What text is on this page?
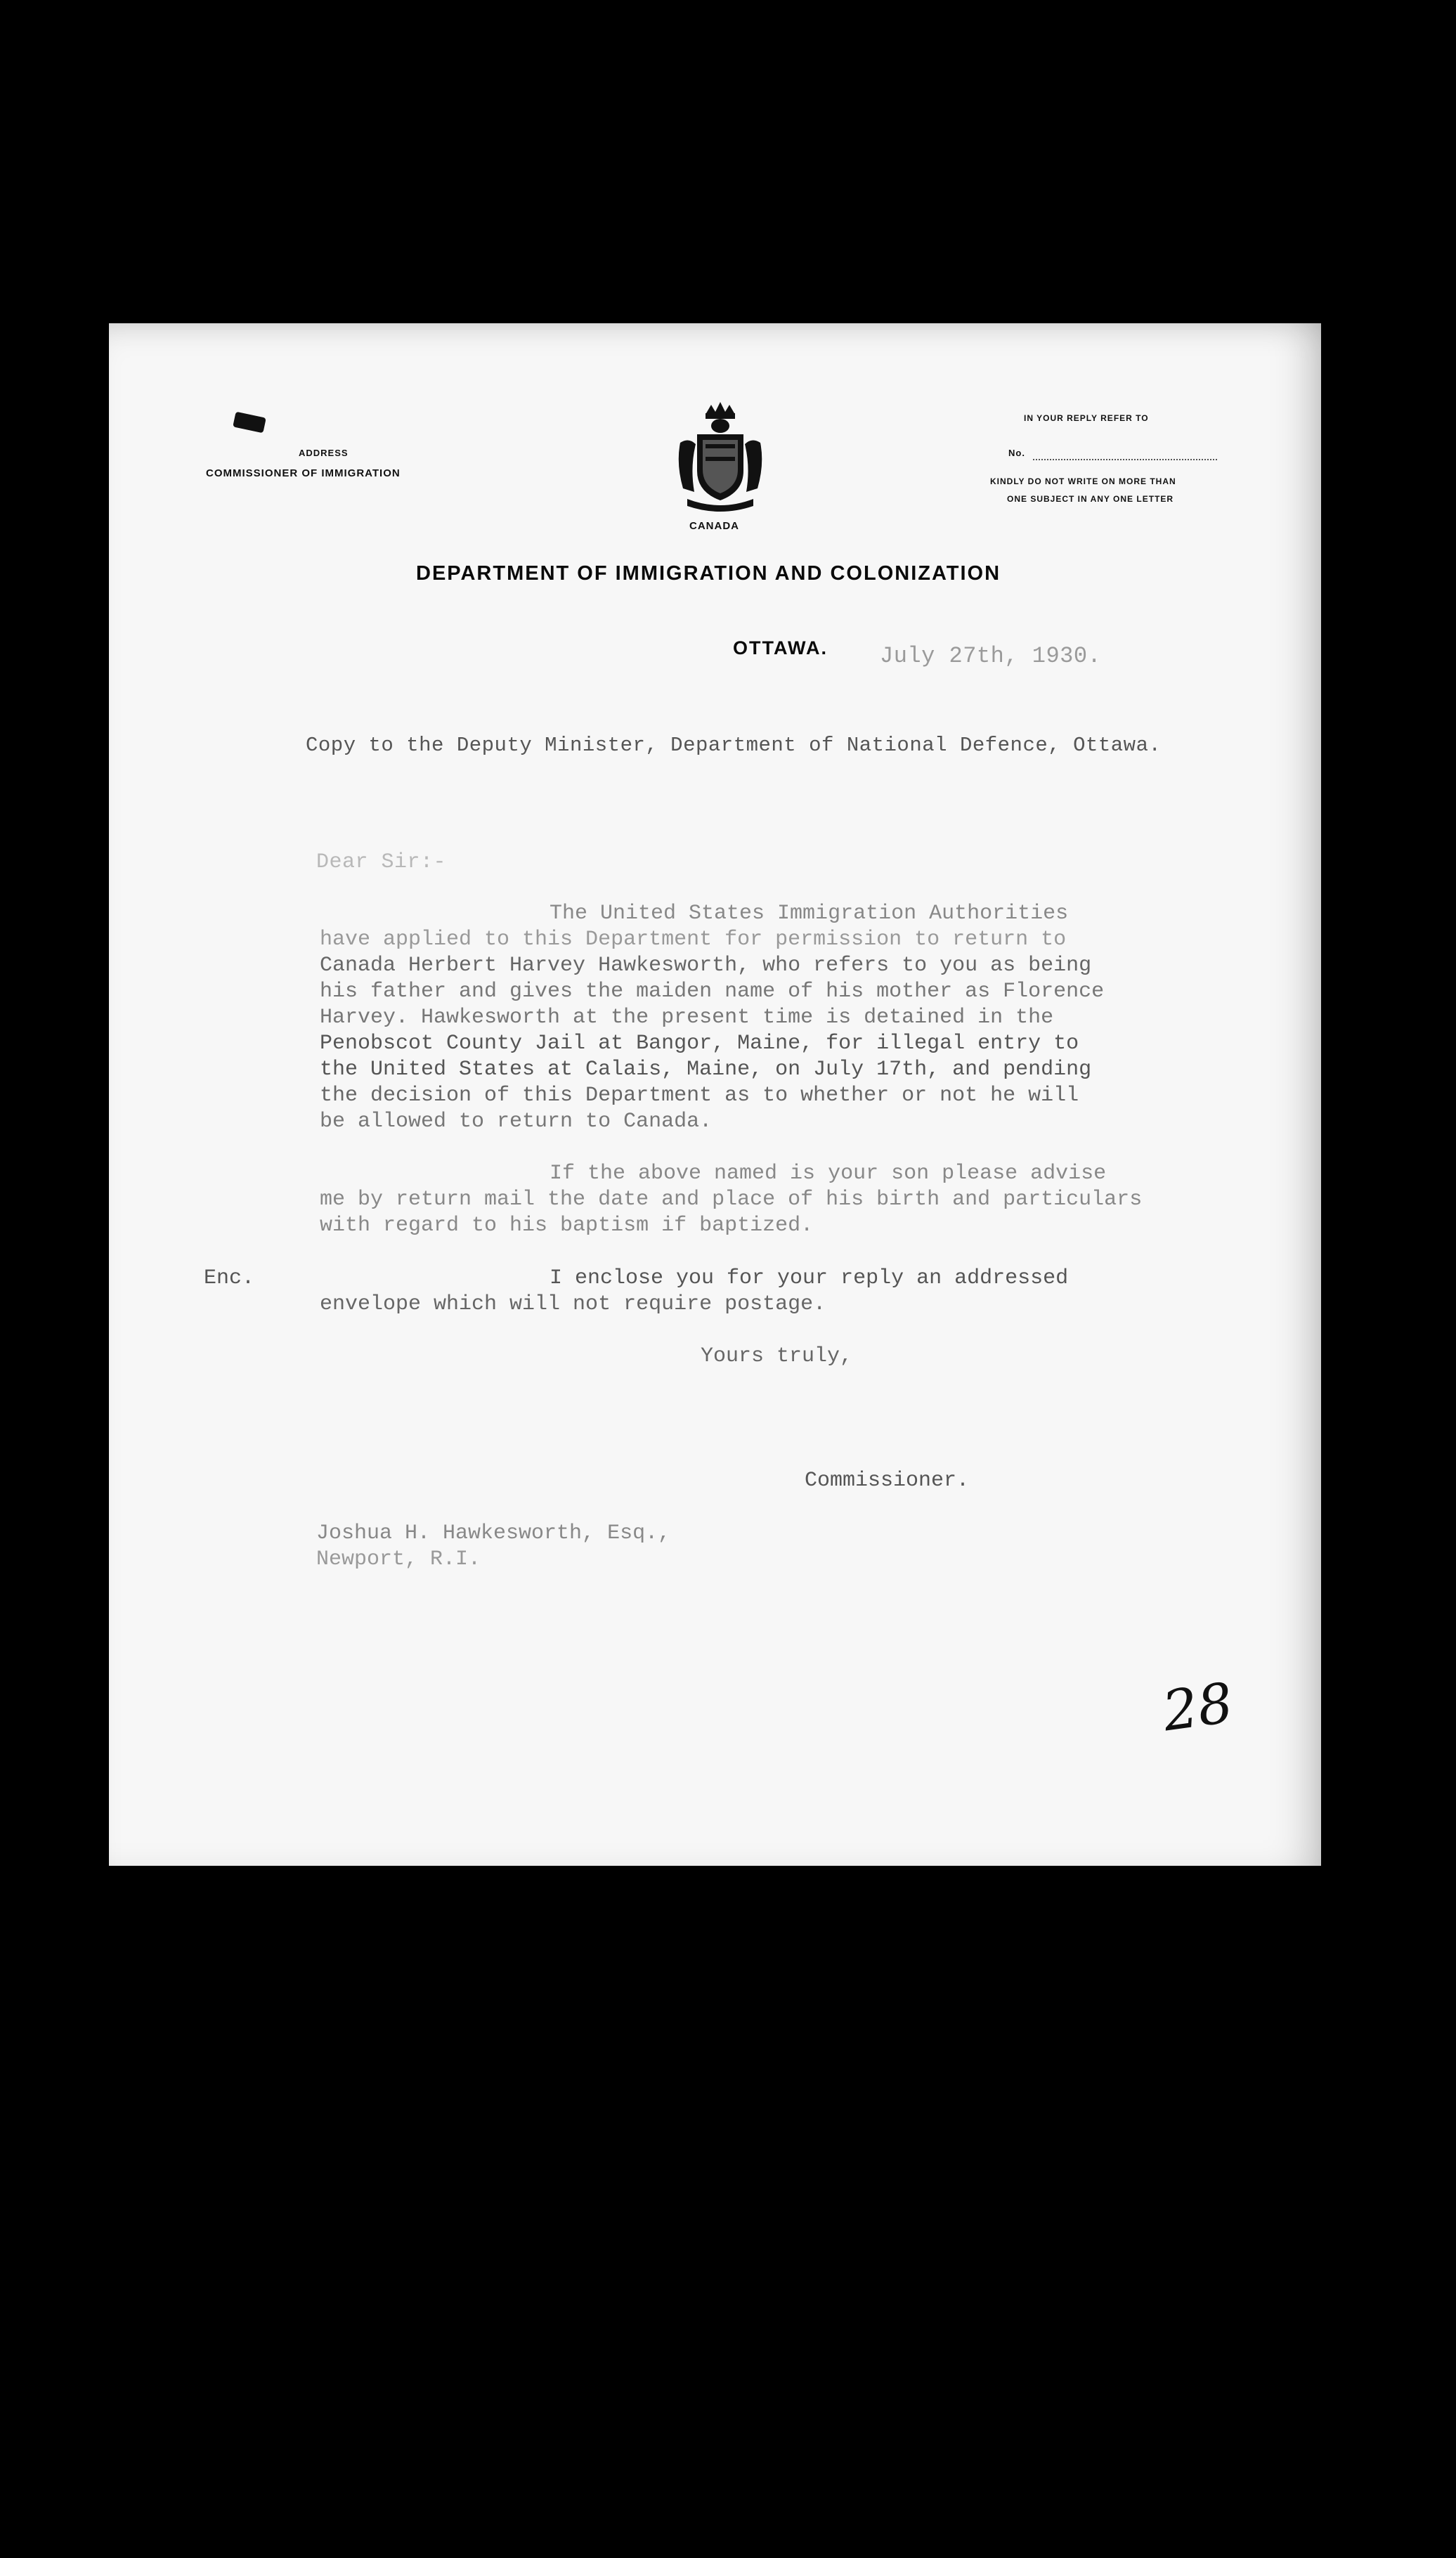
ADDRESS
COMMISSIONER OF IMMIGRATION
CANADA
IN YOUR REPLY REFER TO
No.
KINDLY DO NOT WRITE ON MORE THAN
ONE SUBJECT IN ANY ONE LETTER
DEPARTMENT OF IMMIGRATION AND COLONIZATION
OTTAWA. July 27th, 1930.
Copy to the Deputy Minister, Department of National Defence, Ottawa.
Dear Sir:-
The United States Immigration Authorities
have applied to this Department for permission to return to
Canada Herbert Harvey Hawkesworth, who refers to you as being
his father and gives the maiden name of his mother as Florence
Harvey. Hawkesworth at the present time is detained in the
Penobscot County Jail at Bangor, Maine, for illegal entry to
the United States at Calais, Maine, on July 17th, and pending
the decision of this Department as to whether or not he will
be allowed to return to Canada.
If the above named is your son please advise
me by return mail the date and place of his birth and particulars
with regard to his baptism if baptized.
Enc.	I enclose you for your reply an addressed
envelope which will not require postage.
Yours truly,
Commissioner.
Joshua H. Hawkesworth, Esq.,
Newport, R.I.
28
